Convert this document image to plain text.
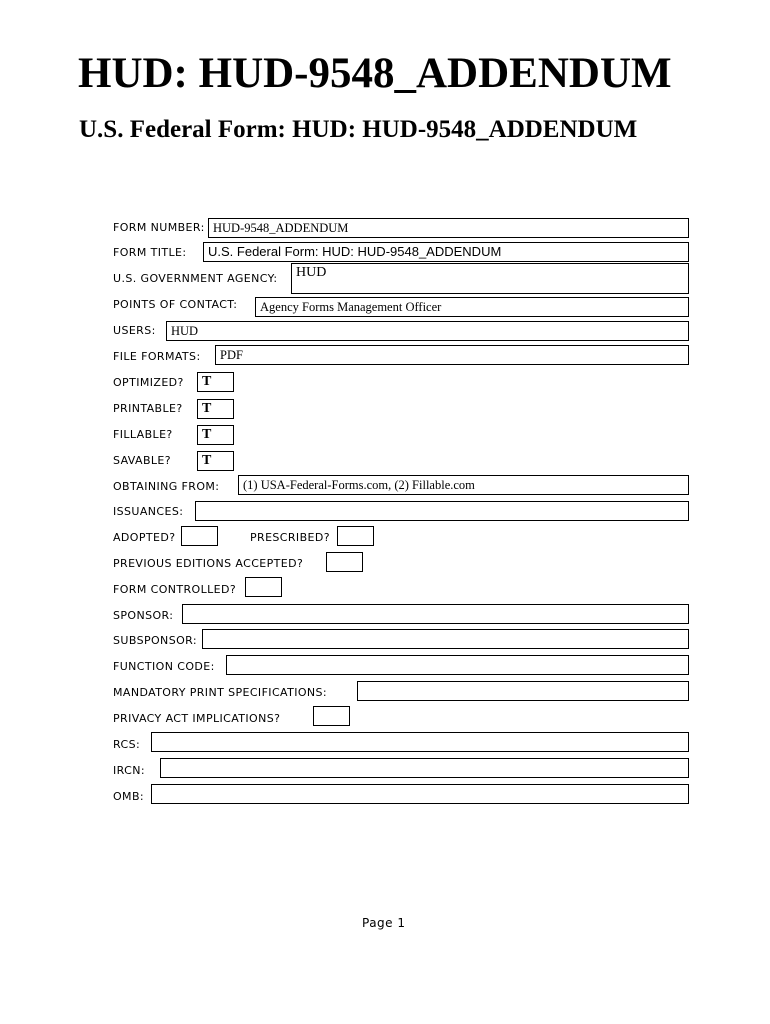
HUD: HUD-9548_ADDENDUM
U.S. Federal Form: HUD: HUD-9548_ADDENDUM
FORM NUMBER: HUD-9548_ADDENDUM
FORM TITLE:	U.S. Federal Form: HUD: HUD-9548_ADDENDUM
U.S. GOVERNMENT AGENCY:	HUD
POINTS OF CONTACT:	Agency Forms Management Officer
USERS:	HUD
FILE FORMATS:	PDF
OPTIMIZED?	T
PRINTABLE?	T
FILLABLE?	T
SAVABLE?	T
OBTAINING FROM:	(1) USA-Federal-Forms.com, (2) Fillable.com
ISSUANCES:
ADOPTED?	PRESCRIBED?
PREVIOUS EDITIONS ACCEPTED?
FORM CONTROLLED?
SPONSOR:
SUBSPONSOR:
FUNCTION CODE:
MANDATORY PRINT SPECIFICATIONS:
PRIVACY ACT IMPLICATIONS?
RCS:
IRCN:
OMB:
Page 1
